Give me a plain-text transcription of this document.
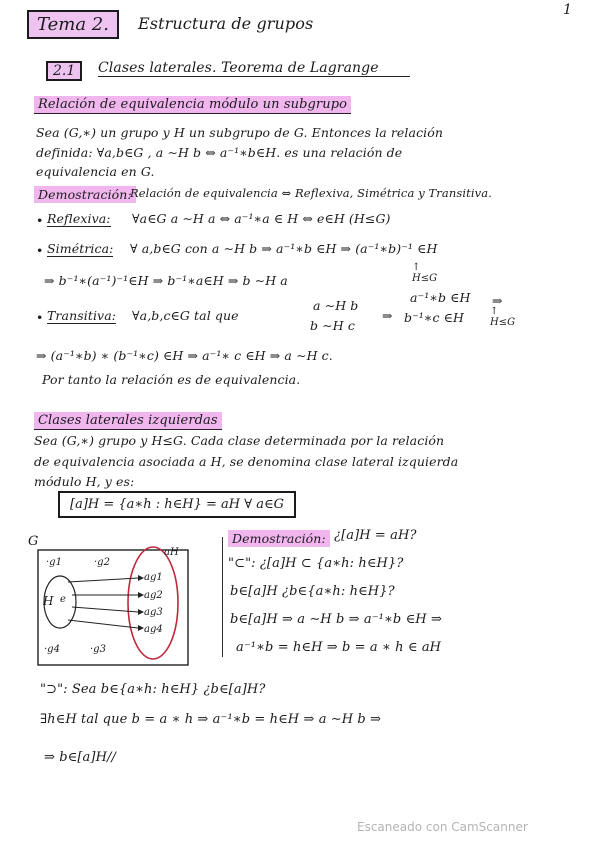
1
Tema 2.	Estructura de grupos
2.1	Clases laterales. Teorema de Lagrange
Relación de equivalencia módulo un subgrupo
Sea (G,∗) un grupo y H un subgrupo de G. Entonces la relación
definida: ∀a,b∈G , a ∼H b ⇔ a⁻¹∗b∈H. es una relación de
equivalencia en G.
Demostración:
Relación de equivalencia ⇔ Reflexiva, Simétrica y Transitiva.
• Reflexiva: ∀a∈G a ∼H a ⇔ a⁻¹∗a ∈ H ⇔ e∈H (H≤G)
• Simétrica: ∀ a,b∈G con a ∼H b ⇒ a⁻¹∗b ∈H ⇒ (a⁻¹∗b)⁻¹ ∈H
↑
H≤G
⇒ b⁻¹∗(a⁻¹)⁻¹∈H ⇒ b⁻¹∗a∈H ⇒ b ∼H a
• Transitiva: ∀a,b,c∈G tal que
a ∼H b
b ∼H c
⇒
a⁻¹∗b ∈H
b⁻¹∗c ∈H
⇒
↑
H≤G
⇒ (a⁻¹∗b) ∗ (b⁻¹∗c) ∈H ⇒ a⁻¹∗ c ∈H ⇒ a ∼H c.
Por tanto la relación es de equivalencia.
Clases laterales izquierdas
Sea (G,∗) grupo y H≤G. Cada clase determinada por la relación
de equivalencia asociada a H, se denomina clase lateral izquierda
módulo H, y es:
[a]H = {a∗h : h∈H} = aH ∀ a∈G
G
·g1	·g2
H e
aH
ag1
ag2
ag3
ag4
·g4	·g3
Demostración: ¿[a]H = aH?
"⊂": ¿[a]H ⊂ {a∗h: h∈H}?
b∈[a]H ¿b∈{a∗h: h∈H}?
b∈[a]H ⇒ a ∼H b ⇒ a⁻¹∗b ∈H ⇒
a⁻¹∗b = h∈H ⇒ b = a ∗ h ∈ aH
"⊃": Sea b∈{a∗h: h∈H} ¿b∈[a]H?
∃h∈H tal que b = a ∗ h ⇒ a⁻¹∗b = h∈H ⇒ a ∼H b ⇒
⇒ b∈[a]H//
Escaneado con CamScanner
